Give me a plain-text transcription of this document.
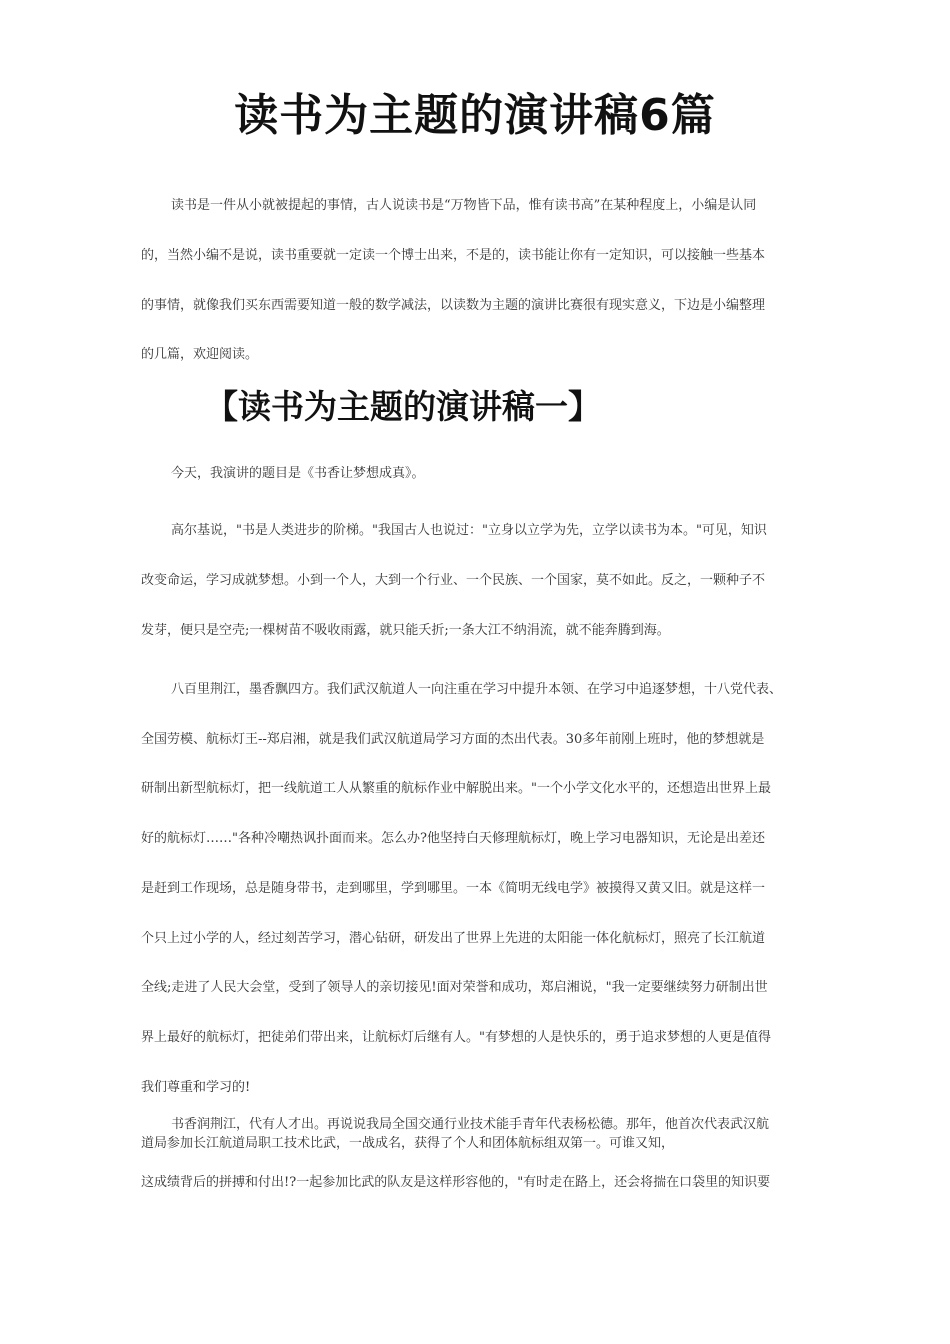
读书为主题的演讲稿6篇

读书是一件从小就被提起的事情，古人说读书是“万物皆下品，惟有读书高”在某种程度上，小编是认同

的，当然小编不是说，读书重要就一定读一个博士出来，不是的，读书能让你有一定知识，可以接触一些基本

的事情，就像我们买东西需要知道一般的数学减法，以读数为主题的演讲比赛很有现实意义，下边是小编整理

的几篇，欢迎阅读。

【读书为主题的演讲稿一】

今天，我演讲的题目是《书香让梦想成真》。

高尔基说，"书是人类进步的阶梯。"我国古人也说过："立身以立学为先，立学以读书为本。"可见，知识

改变命运，学习成就梦想。小到一个人，大到一个行业、一个民族、一个国家，莫不如此。反之，一颗种子不

发芽，便只是空壳;一棵树苗不吸收雨露，就只能夭折;一条大江不纳涓流，就不能奔腾到海。

八百里荆江，墨香飘四方。我们武汉航道人一向注重在学习中提升本领、在学习中追逐梦想，十八党代表、

全国劳模、航标灯王--郑启湘，就是我们武汉航道局学习方面的杰出代表。30多年前刚上班时，他的梦想就是

研制出新型航标灯，把一线航道工人从繁重的航标作业中解脱出来。"一个小学文化水平的，还想造出世界上最

好的航标灯……"各种冷嘲热讽扑面而来。怎么办?他坚持白天修理航标灯，晚上学习电器知识，无论是出差还

是赶到工作现场，总是随身带书，走到哪里，学到哪里。一本《简明无线电学》被摸得又黄又旧。就是这样一

个只上过小学的人，经过刻苦学习，潜心钻研，研发出了世界上先进的太阳能一体化航标灯，照亮了长江航道

全线;走进了人民大会堂，受到了领导人的亲切接见!面对荣誉和成功，郑启湘说，"我一定要继续努力研制出世

界上最好的航标灯，把徒弟们带出来，让航标灯后继有人。"有梦想的人是快乐的，勇于追求梦想的人更是值得

我们尊重和学习的!

书香润荆江，代有人才出。再说说我局全国交通行业技术能手青年代表杨松德。那年，他首次代表武汉航

道局参加长江航道局职工技术比武，一战成名，获得了个人和团体航标组双第一。可谁又知，

这成绩背后的拼搏和付出!?一起参加比武的队友是这样形容他的，"有时走在路上，还会将揣在口袋里的知识要
